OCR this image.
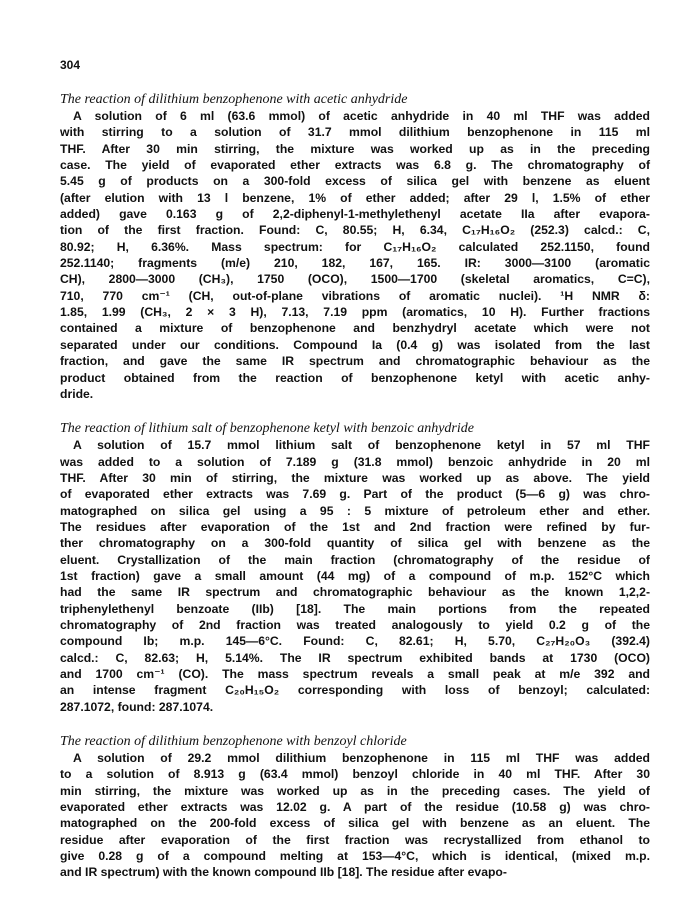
304
The reaction of dilithium benzophenone with acetic anhydride
A solution of 6 ml (63.6 mmol) of acetic anhydride in 40 ml THF was added
with stirring to a solution of 31.7 mmol dilithium benzophenone in 115 ml
THF. After 30 min stirring, the mixture was worked up as in the preceding
case. The yield of evaporated ether extracts was 6.8 g. The chromatography of
5.45 g of products on a 300-fold excess of silica gel with benzene as eluent
(after elution with 13 l benzene, 1% of ether added; after 29 l, 1.5% of ether
added) gave 0.163 g of 2,2-diphenyl-1-methylethenyl acetate IIa after evapora-
tion of the first fraction. Found: C, 80.55; H, 6.34, C₁₇H₁₆O₂ (252.3) calcd.: C,
80.92; H, 6.36%. Mass spectrum: for C₁₇H₁₆O₂ calculated 252.1150, found
252.1140; fragments (m/e) 210, 182, 167, 165. IR: 3000—3100 (aromatic
CH), 2800—3000 (CH₃), 1750 (OCO), 1500—1700 (skeletal aromatics, C=C),
710, 770 cm⁻¹ (CH, out-of-plane vibrations of aromatic nuclei). ¹H NMR δ:
1.85, 1.99 (CH₃, 2 × 3 H), 7.13, 7.19 ppm (aromatics, 10 H). Further fractions
contained a mixture of benzophenone and benzhydryl acetate which were not
separated under our conditions. Compound Ia (0.4 g) was isolated from the last
fraction, and gave the same IR spectrum and chromatographic behaviour as the
product obtained from the reaction of benzophenone ketyl with acetic anhy-
dride.
The reaction of lithium salt of benzophenone ketyl with benzoic anhydride
A solution of 15.7 mmol lithium salt of benzophenone ketyl in 57 ml THF
was added to a solution of 7.189 g (31.8 mmol) benzoic anhydride in 20 ml
THF. After 30 min of stirring, the mixture was worked up as above. The yield
of evaporated ether extracts was 7.69 g. Part of the product (5—6 g) was chro-
matographed on silica gel using a 95 : 5 mixture of petroleum ether and ether.
The residues after evaporation of the 1st and 2nd fraction were refined by fur-
ther chromatography on a 300-fold quantity of silica gel with benzene as the
eluent. Crystallization of the main fraction (chromatography of the residue of
1st fraction) gave a small amount (44 mg) of a compound of m.p. 152°C which
had the same IR spectrum and chromatographic behaviour as the known 1,2,2-
triphenylethenyl benzoate (IIb) [18]. The main portions from the repeated
chromatography of 2nd fraction was treated analogously to yield 0.2 g of the
compound Ib; m.p. 145—6°C. Found: C, 82.61; H, 5.70, C₂₇H₂₀O₃ (392.4)
calcd.: C, 82.63; H, 5.14%. The IR spectrum exhibited bands at 1730 (OCO)
and 1700 cm⁻¹ (CO). The mass spectrum reveals a small peak at m/e 392 and
an intense fragment C₂₀H₁₅O₂ corresponding with loss of benzoyl; calculated:
287.1072, found: 287.1074.
The reaction of dilithium benzophenone with benzoyl chloride
A solution of 29.2 mmol dilithium benzophenone in 115 ml THF was added
to a solution of 8.913 g (63.4 mmol) benzoyl chloride in 40 ml THF. After 30
min stirring, the mixture was worked up as in the preceding cases. The yield of
evaporated ether extracts was 12.02 g. A part of the residue (10.58 g) was chro-
matographed on the 200-fold excess of silica gel with benzene as an eluent. The
residue after evaporation of the first fraction was recrystallized from ethanol to
give 0.28 g of a compound melting at 153—4°C, which is identical, (mixed m.p.
and IR spectrum) with the known compound IIb [18]. The residue after evapo-
